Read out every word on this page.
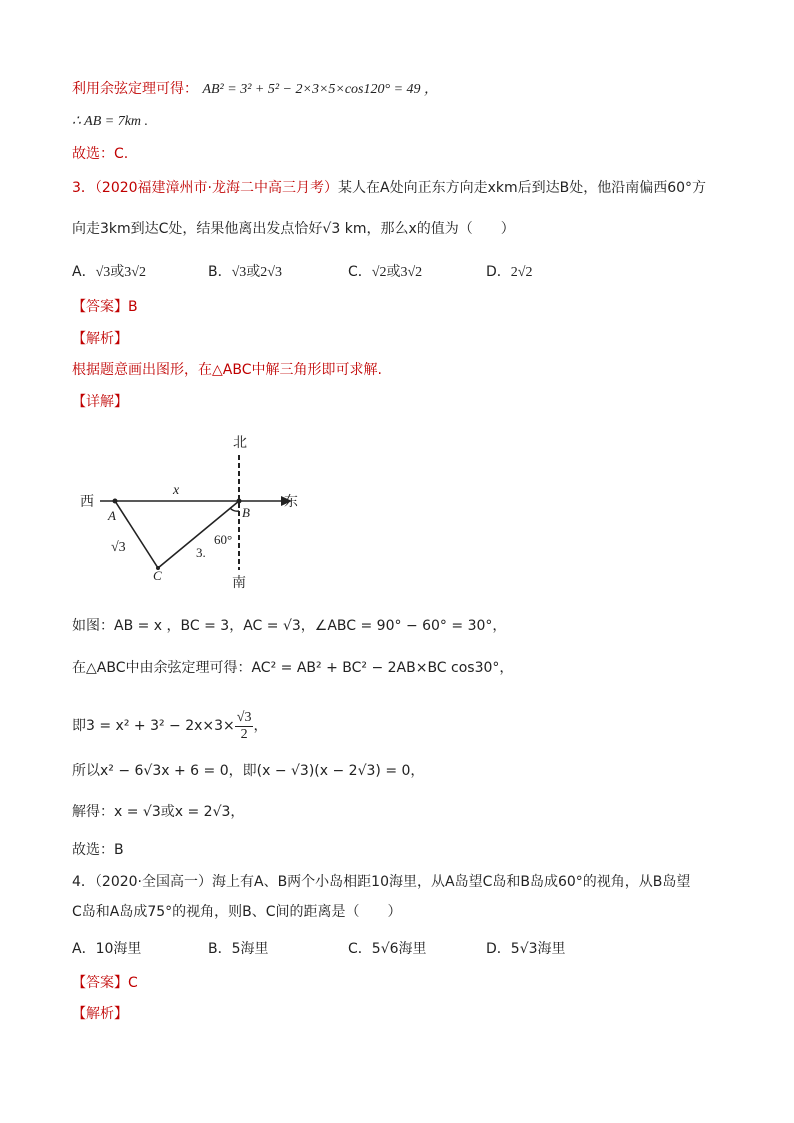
利用余弦定理可得： AB² = 3² + 5² − 2×3×5×cos120° = 49 ，
∴ AB = 7km .
故选：C.
3．（2020福建漳州市·龙海二中高三月考）某人在A处向正东方向走xkm后到达B处，他沿南偏西60°方
向走3km到达C处，结果他离出发点恰好√3 km，那么x的值为（　　）
A．√3或3√2	B．√3或2√3	C．√2或3√2	D．2√2
【答案】B
【解析】
根据题意画出图形，在△ABC中解三角形即可求解.
【详解】
北
南
西	东
x
A	B
C
√3	3.
60°
如图：AB = x ，BC = 3，AC = √3，∠ABC = 90° − 60° = 30°，
在△ABC中由余弦定理可得：AC² = AB² + BC² − 2AB×BC cos30°，
即$3 = x^2 + 3^2 - 2x\times 3\times \frac{√3}{2}$ ，
所以x² − 6√3x + 6 = 0，即(x − √3)(x − 2√3) = 0，
解得：x = √3或x = 2√3，
故选：B
4．（2020·全国高一）海上有A、B两个小岛相距10海里，从A岛望C岛和B岛成60°的视角，从B岛望
C岛和A岛成75°的视角，则B、C间的距离是（　　）
A．10海里	B．5海里	C．5√6海里	D．5√3海里
【答案】C
【解析】
